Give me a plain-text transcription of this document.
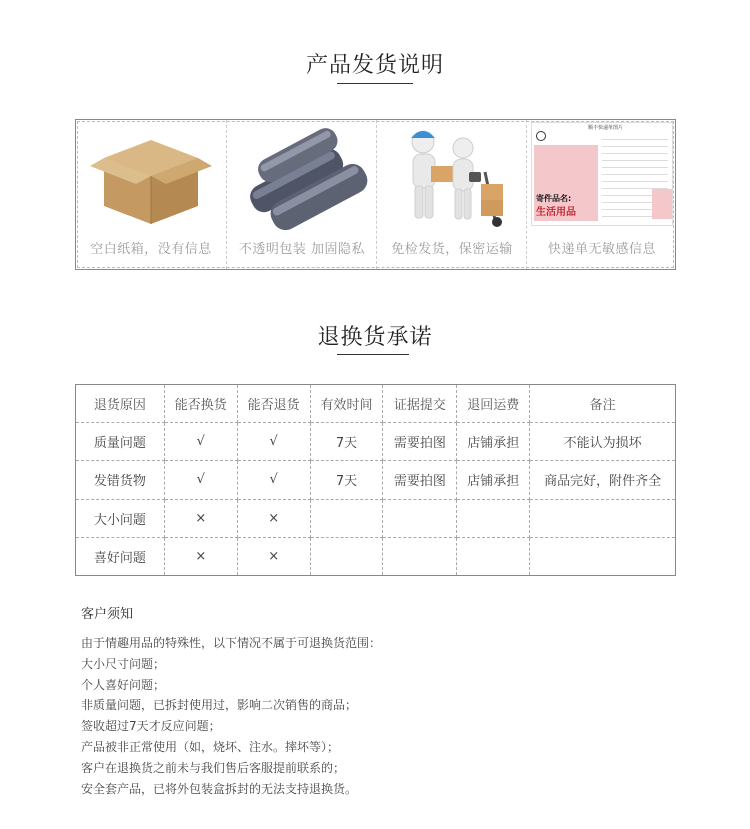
产品发货说明
空白纸箱，没有信息	不透明包装 加固隐私	免检发货，保密运输
顺丰快递单图片
寄件品名:
生活用品
快递单无敏感信息
退换货承诺
退货原因	能否换货	能否退货	有效时间	证据提交	退回运费	备注
质量问题	√	√	7天	需要拍图	店铺承担	不能认为损坏
发错货物	√	√	7天	需要拍图	店铺承担	商品完好，附件齐全
大小问题	×	×				
喜好问题	×	×				
客户须知
由于情趣用品的特殊性，以下情况不属于可退换货范围：
大小尺寸问题；
个人喜好问题；
非质量问题，已拆封使用过，影响二次销售的商品；
签收超过7天才反应问题；
产品被非正常使用（如，烧坏、注水。摔坏等）；
客户在退换货之前未与我们售后客服提前联系的；
安全套产品，已将外包装盒拆封的无法支持退换货。
